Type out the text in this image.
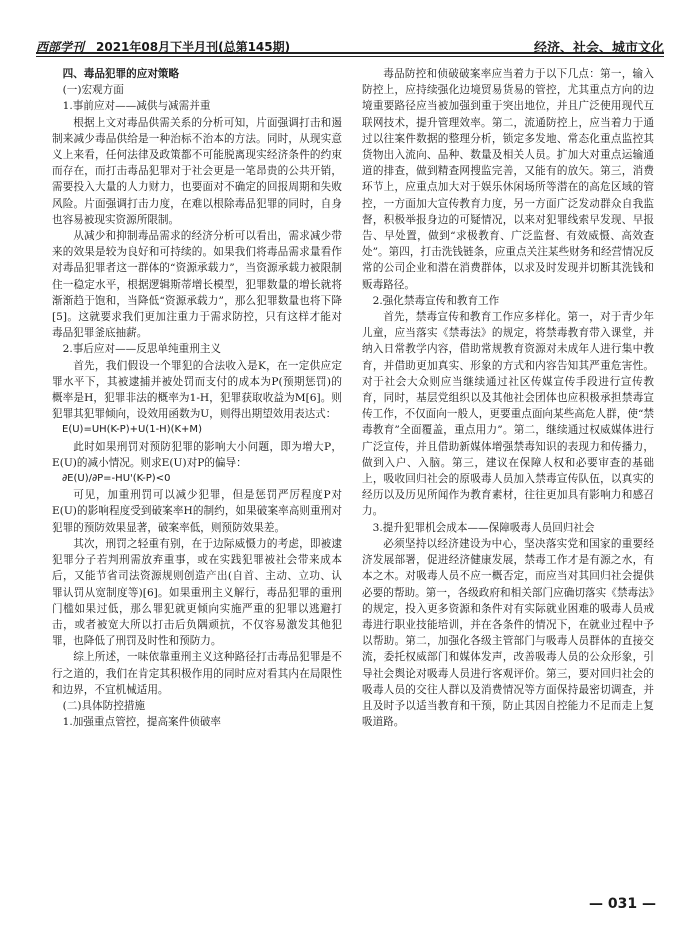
西部学刊 2021年08月下半月刊(总第145期)	经济、社会、城市文化

四、毒品犯罪的应对策略

(一)宏观方面

1.事前应对——减供与减需并重

根据上文对毒品供需关系的分析可知，片面强调打击和遏制来减少毒品供给是一种治标不治本的方法。同时，从现实意义上来看，任何法律及政策都不可能脱离现实经济条件的约束而存在，而打击毒品犯罪对于社会更是一笔昂贵的公共开销，需要投入大量的人力财力，也要面对不确定的回报周期和失败风险。片面强调打击力度，在难以根除毒品犯罪的同时，自身也容易被现实资源所限制。

从减少和抑制毒品需求的经济分析可以看出，需求减少带来的效果是较为良好和可持续的。如果我们将毒品需求量看作对毒品犯罪者这一群体的“资源承载力”，当资源承载力被限制住一稳定水平，根据逻辑斯蒂增长模型，犯罪数量的增长就将渐渐趋于饱和，当降低“资源承载力”，那么犯罪数量也将下降[5]。这就要求我们更加注重力于需求防控，只有这样才能对毒品犯罪釜底抽薪。

2.事后应对——反思单纯重刑主义

首先，我们假设一个罪犯的合法收入是K，在一定供应定罪水平下，其被逮捕并被处罚而支付的成本为P(预期惩罚)的概率是H，犯罪非法的概率为1-H，犯罪获取收益为M[6]。则犯罪其犯罪倾向，设效用函数为U，则得出期望效用表达式：

E(U)=UH(K-P)+U(1-H)(K+M)

此时如果刑罚对预防犯罪的影响大小问题，即为增大P，E(U)的减小情况。则求E(U)对P的偏导：

∂E(U)/∂P=-HU'(K-P)<0

可见，加重刑罚可以减少犯罪，但是惩罚严厉程度P对E(U)的影响程度受到破案率H的制约，如果破案率高则重刑对犯罪的预防效果显著，破案率低，则预防效果差。

其次，刑罚之轻重有别，在于边际威慑力的考虑，即被逮犯罪分子若判刑需放弃重事，或在实践犯罪被社会带来成本后，又能节省司法资源规则创造产出(自首、主动、立功、认罪认罚从宽制度等)[6]。如果重刑主义解行，毒品犯罪的重刑门槛如果过低，那么罪犯就更倾向实施严重的犯罪以逃避打击，或者被宽大所以打击后负隅顽抗，不仅容易激发其他犯罪，也降低了刑罚及时性和预防力。

综上所述，一味依靠重刑主义这种路径打击毒品犯罪是不行之道的，我们在肯定其积极作用的同时应对看其内在局限性和边界，不宜机械适用。

(二)具体防控措施

1.加强重点管控，提高案件侦破率

毒品防控和侦破破案率应当着力于以下几点：第一，输入防控上，应持续强化边境贸易货易的管控，尤其重点方向的边境重要路径应当被加强到重于突出地位，并且广泛使用现代互联网技术，提升管理效率。第二，流通防控上，应当着力于通过以往案件数据的整理分析，锁定多发地、常态化重点监控其货物出入流向、品种、数量及相关人员。扩加大对重点运输通道的排查，做到精查网搜监完善，又能有的放矢。第三，消费环节上，应重点加大对于娱乐休闲场所等潜在的高危区域的管控，一方面加大宣传教育力度，另一方面广泛发动群众自我监督，积极举报身边的可疑情况，以来对犯罪线索早发现、早报告、早处置，做到“求极教育、广泛监督、有效威慑、高效查处”。第四，打击洗钱链条，应重点关注某些财务和经营情况反常的公司企业和潜在消费群体，以求及时发现并切断其洗钱和贩毒路径。

2.强化禁毒宣传和教育工作

首先，禁毒宣传和教育工作应多样化。第一，对于青少年儿童，应当落实《禁毒法》的规定，将禁毒教育带入课堂，并纳入日常教学内容，借助常规教育资源对未成年人进行集中教育，并借助更加真实、形象的方式和内容告知其严重危害性。对于社会大众则应当继续通过社区传媒宣传手段进行宣传教育，同时，基层党组织以及其他社会团体也应积极承担禁毒宣传工作，不仅面向一般人，更要重点面向某些高危人群，使“禁毒教育”全面覆盖，重点用力”。第二，继续通过权威媒体进行广泛宣传，并且借助新媒体增强禁毒知识的表现力和传播力，做到入户、入脑。第三，建议在保障人权和必要审查的基础上，吸收回归社会的原吸毒人员加入禁毒宣传队伍，以真实的经历以及历见所闻作为教育素材，往往更加具有影响力和感召力。

3.提升犯罪机会成本——保障吸毒人员回归社会

必须坚持以经济建设为中心，坚决落实党和国家的重要经济发展部署，促进经济健康发展，禁毒工作才是有源之水，有本之木。对吸毒人员不应一概否定，而应当对其回归社会提供必要的帮助。第一，各级政府和相关部门应确切落实《禁毒法》的规定，投入更多资源和条件对有实际就业困难的吸毒人员戒毒进行职业技能培训，并在各条件的情况下，在就业过程中予以帮助。第二，加强化各级主管部门与吸毒人员群体的直接交流，委托权威部门和媒体发声，改善吸毒人员的公众形象，引导社会舆论对吸毒人员进行客观评价。第三，要对回归社会的吸毒人员的交往人群以及消费情况等方面保持最密切调查，并且及时予以适当教育和干预，防止其因自控能力不足而走上复吸道路。

— 031 —
